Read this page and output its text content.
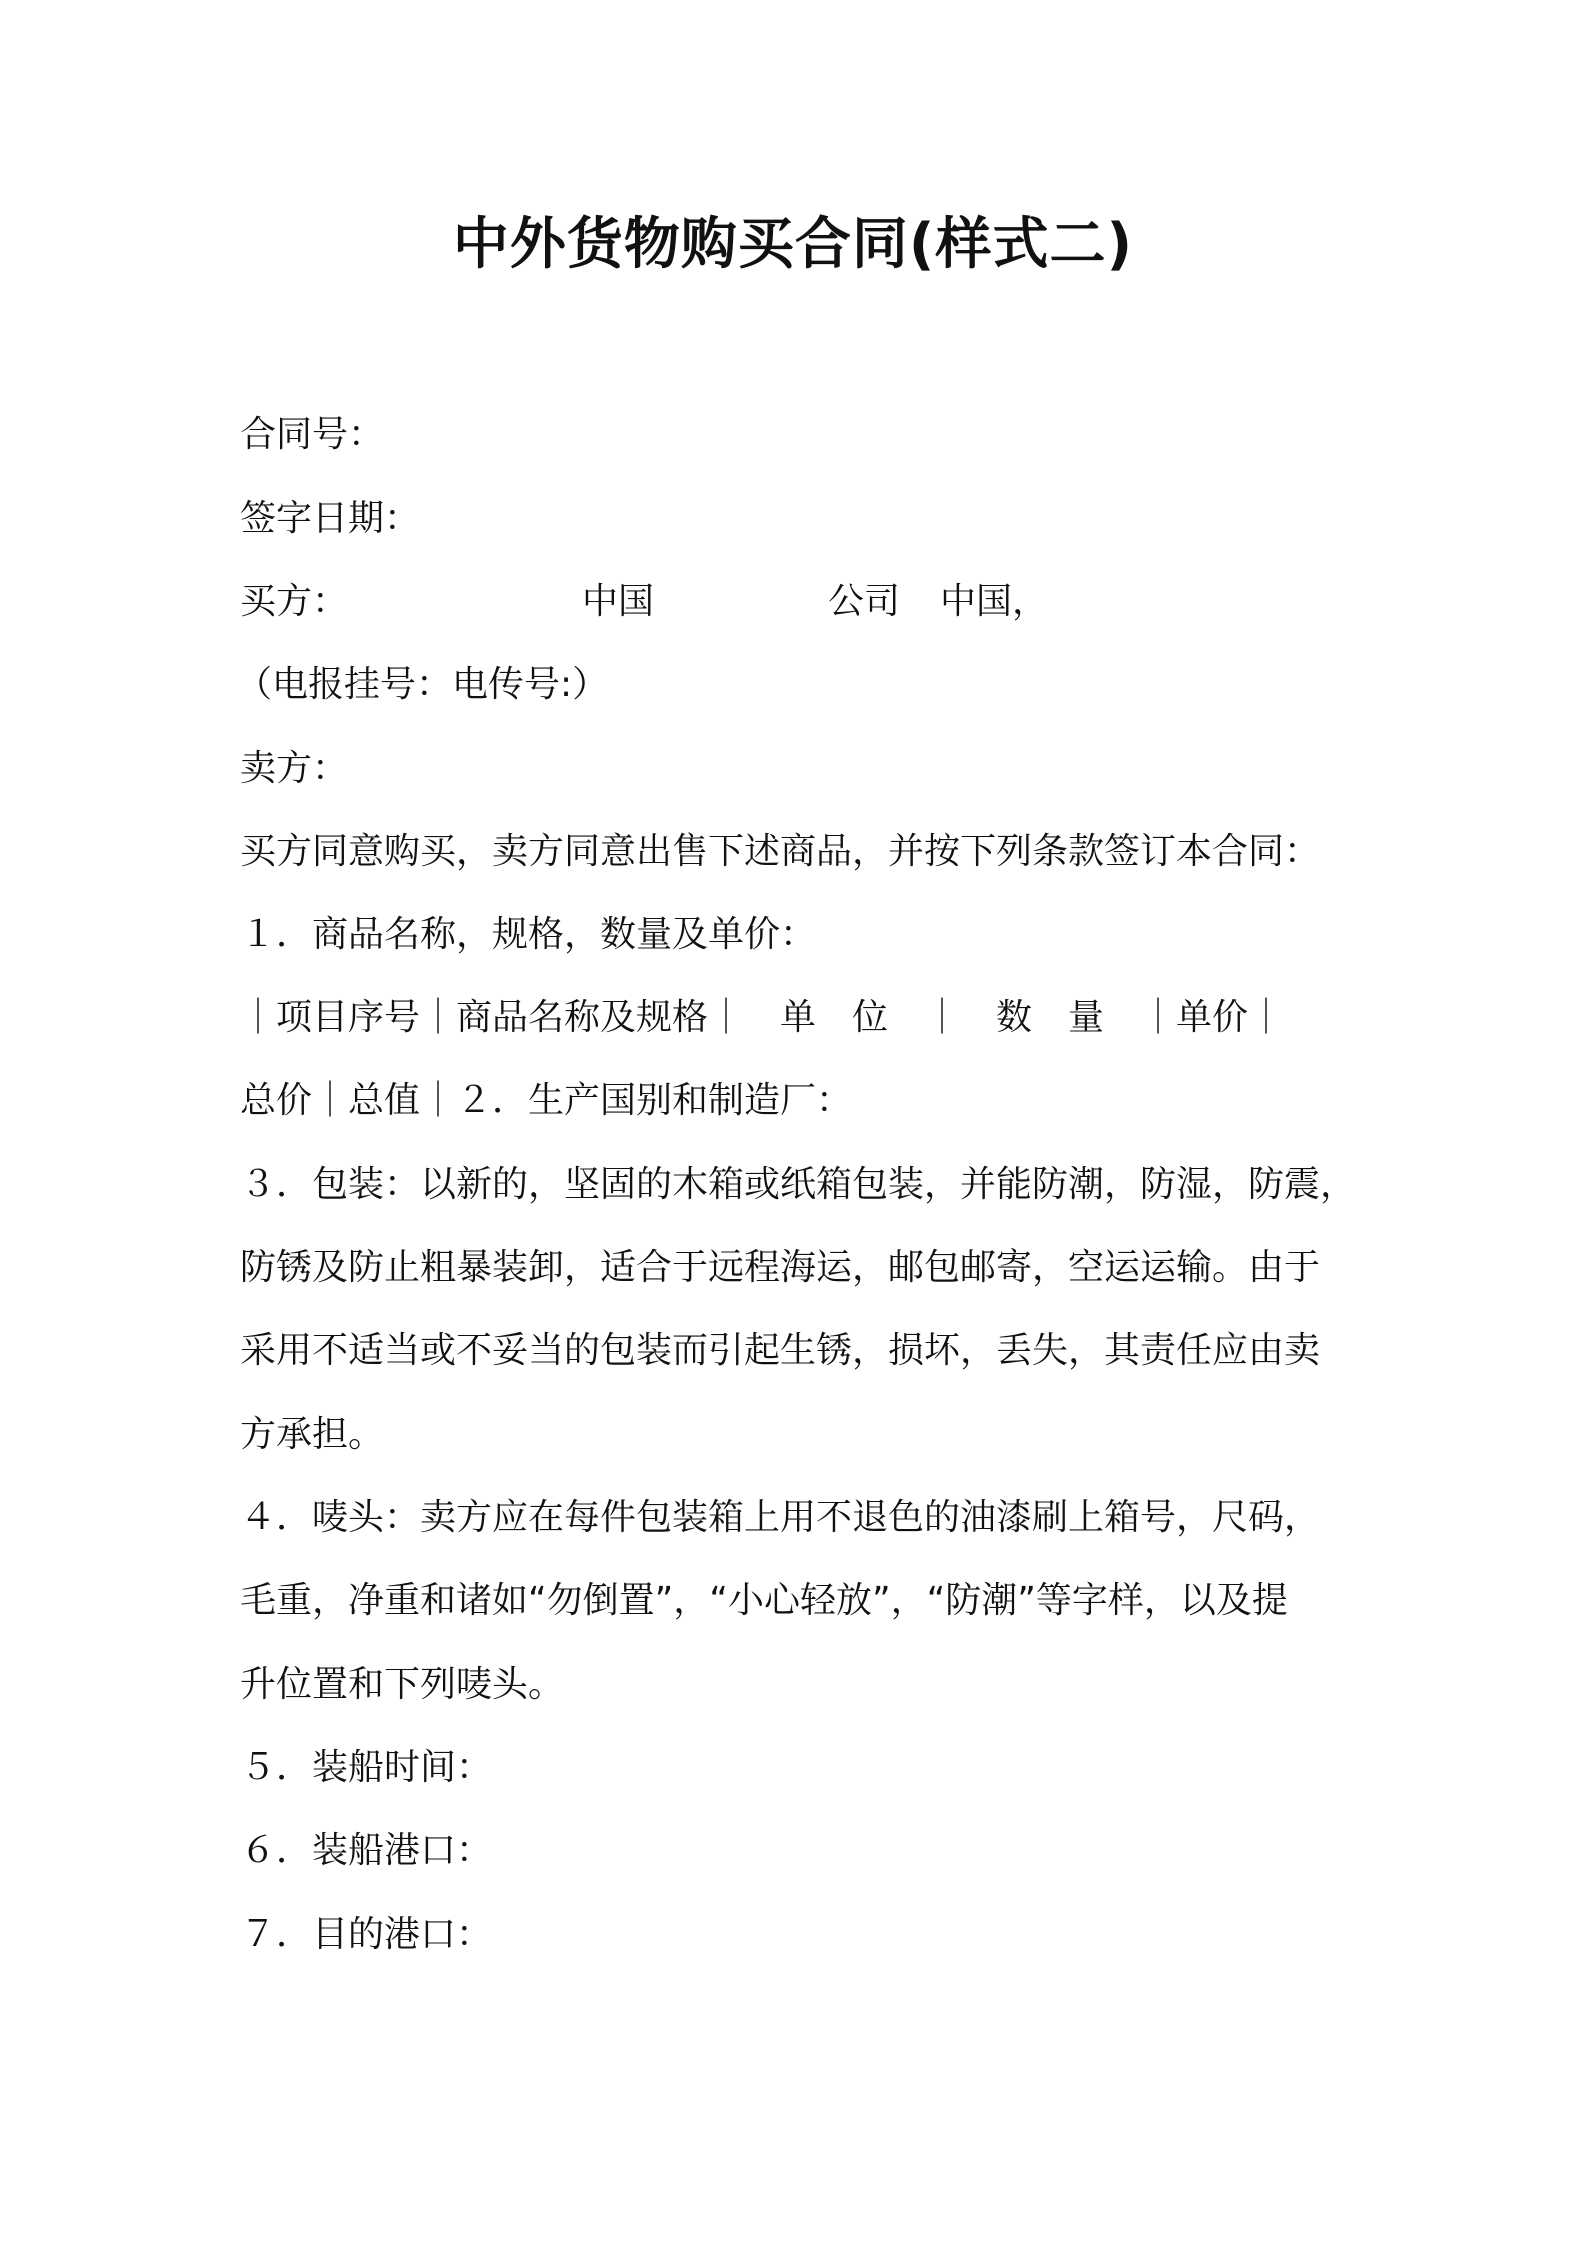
中外货物购买合同(样式二)
合同号：
签字日期：
买方：	中国	公司 中国，
（电报挂号：电传号:）
卖方：
买方同意购买，卖方同意出售下述商品，并按下列条款签订本合同：
１．商品名称，规格，数量及单价：
｜项目序号｜商品名称及规格｜　单　位　｜　数　量　｜单价｜
总价｜总值｜２．生产国别和制造厂：
３．包装：以新的，坚固的木箱或纸箱包装，并能防潮，防湿，防震，
防锈及防止粗暴装卸，适合于远程海运，邮包邮寄，空运运输。由于
采用不适当或不妥当的包装而引起生锈，损坏，丢失，其责任应由卖
方承担。
４．唛头：卖方应在每件包装箱上用不退色的油漆刷上箱号，尺码，
毛重，净重和诸如“勿倒置”，“小心轻放”，“防潮”等字样，以及提
升位置和下列唛头。
５．装船时间：
６．装船港口：
７．目的港口：
